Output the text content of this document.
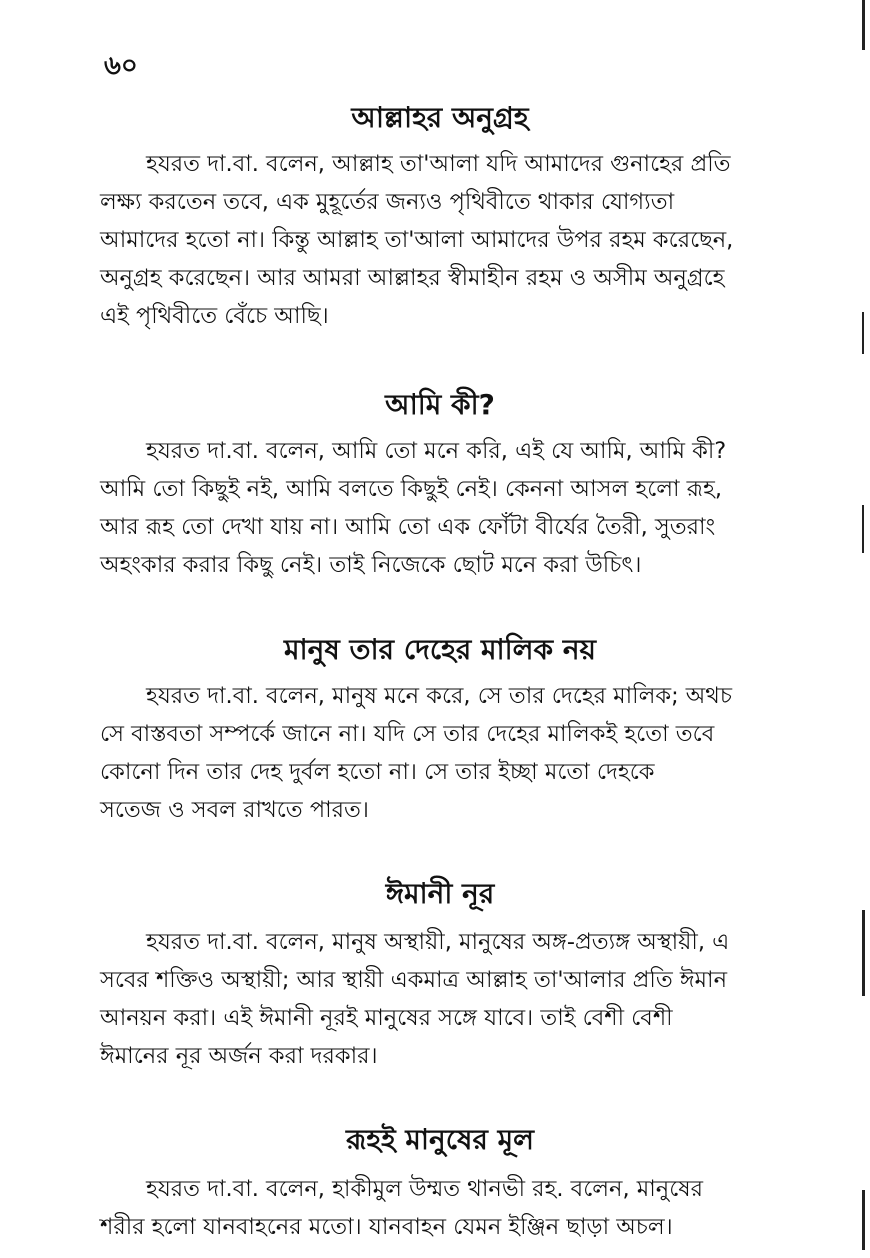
৬০
আল্লাহর অনুগ্রহ
হযরত দা.বা. বলেন, আল্লাহ তা'আলা যদি আমাদের গুনাহের প্রতি
লক্ষ্য করতেন তবে, এক মুহূর্তের জন্যও পৃথিবীতে থাকার যোগ্যতা
আমাদের হতো না। কিন্তু আল্লাহ তা'আলা আমাদের উপর রহম করেছেন,
অনুগ্রহ করেছেন। আর আমরা আল্লাহর স্বীমাহীন রহম ও অসীম অনুগ্রহে
এই পৃথিবীতে বেঁচে আছি।
আমি কী?
হযরত দা.বা. বলেন, আমি তো মনে করি, এই যে আমি, আমি কী?
আমি তো কিছুই নই, আমি বলতে কিছুই নেই। কেননা আসল হলো রূহ,
আর রূহ তো দেখা যায় না। আমি তো এক ফোঁটা বীর্যের তৈরী, সুতরাং
অহংকার করার কিছু নেই। তাই নিজেকে ছোট মনে করা উচিৎ।
মানুষ তার দেহের মালিক নয়
হযরত দা.বা. বলেন, মানুষ মনে করে, সে তার দেহের মালিক; অথচ
সে বাস্তবতা সম্পর্কে জানে না। যদি সে তার দেহের মালিকই হতো তবে
কোনো দিন তার দেহ দুর্বল হতো না। সে তার ইচ্ছা মতো দেহকে
সতেজ ও সবল রাখতে পারত।
ঈমানী নূর
হযরত দা.বা. বলেন, মানুষ অস্থায়ী, মানুষের অঙ্গ-প্রত্যঙ্গ অস্থায়ী, এ
সবের শক্তিও অস্থায়ী; আর স্থায়ী একমাত্র আল্লাহ তা'আলার প্রতি ঈমান
আনয়ন করা। এই ঈমানী নূরই মানুষের সঙ্গে যাবে। তাই বেশী বেশী
ঈমানের নূর অর্জন করা দরকার।
রূহই মানুষের মূল
হযরত দা.বা. বলেন, হাকীমুল উম্মত থানভী রহ. বলেন, মানুষের
শরীর হলো যানবাহনের মতো। যানবাহন যেমন ইঞ্জিন ছাড়া অচল।
